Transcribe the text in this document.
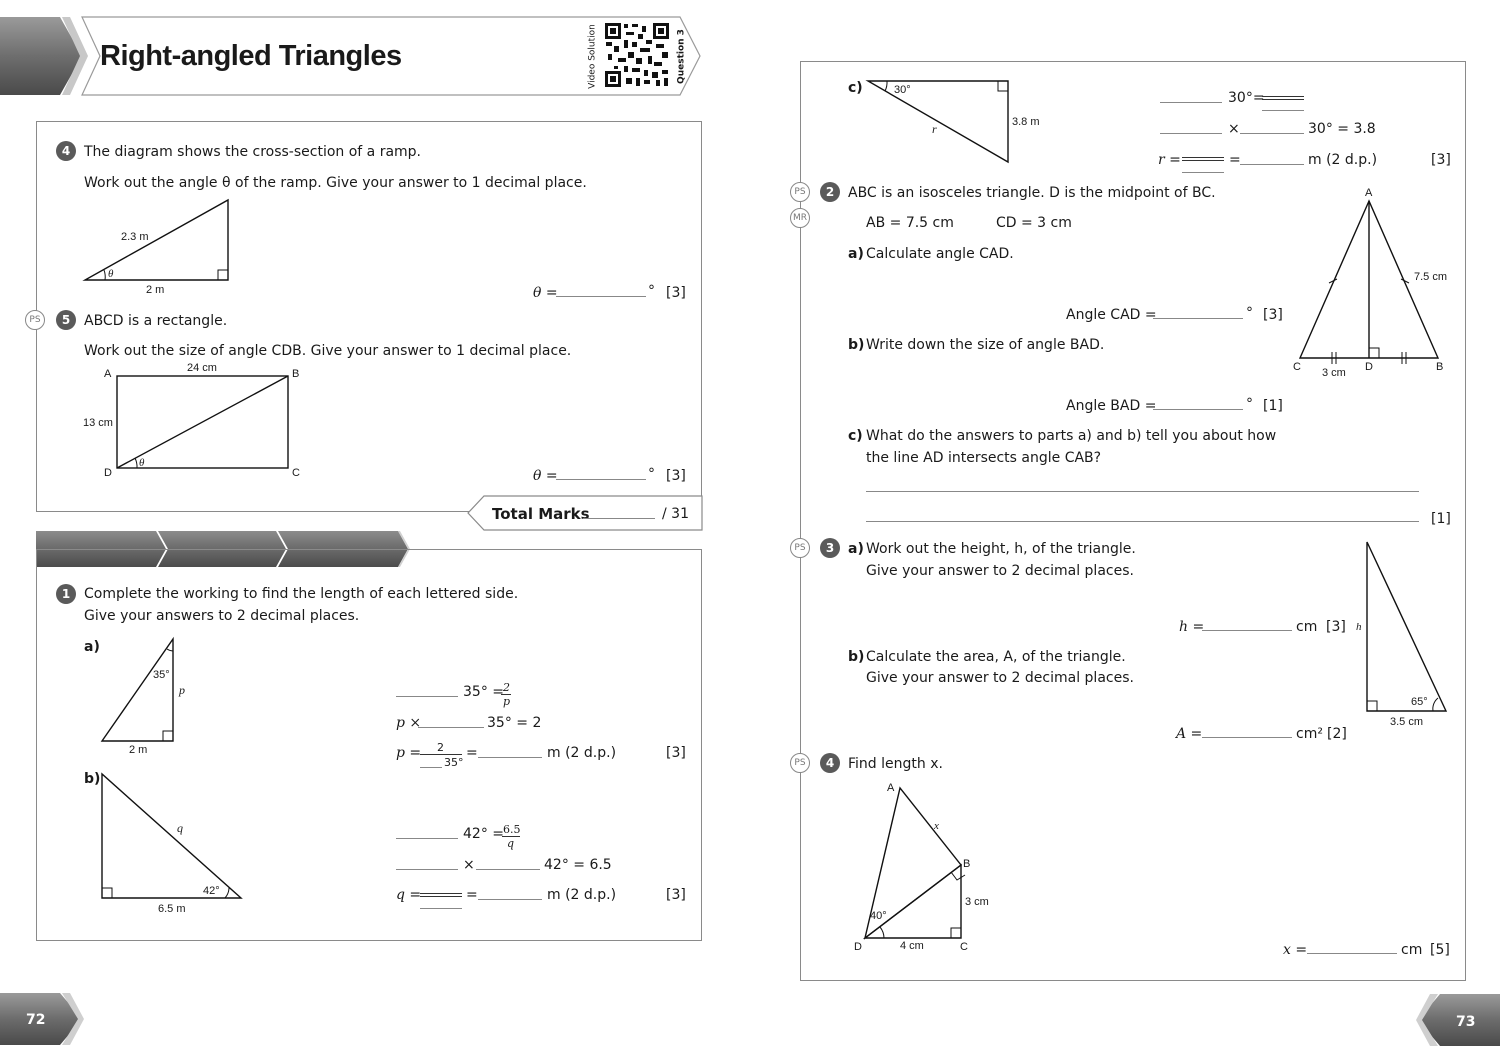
Right-angled Triangles	Video Solution	Question 3
4 The diagram shows the cross-section of a ramp.
Work out the angle θ of the ramp. Give your answer to 1 decimal place.
2.3 m
2 m
θ
θ =	° [3]
PS	5 ABCD is a rectangle.
Work out the size of angle CDB. Give your answer to 1 decimal place.
A	B
C
D
24 cm
13 cm
θ
θ =	° [3]
Total Marks	/ 31
1 Complete the working to find the length of each lettered side.
Give your answers to 2 decimal places.
a)
35°
p
2 m
35° = 2
p
p ×	35° = 2
p = 2
35°
=	m (2 d.p.)	[3]
b)
q
42°
6.5 m
42° = 6.5
q
×	42° = 6.5
q =	=	m (2 d.p.)	[3]
c)	30°
3.8 m
r
30°=
×	30° = 3.8
r =	=	m (2 d.p.)	[3]
PS
MR
2 ABC is an isosceles triangle. D is the midpoint of BC.
AB = 7.5 cm	CD = 3 cm
a) Calculate angle CAD.
Angle CAD =	° [3]
b) Write down the size of angle BAD.
Angle BAD =	° [1]
c) What do the answers to parts a) and b) tell you about how
the line AD intersects angle CAB?
[1]
A
B
C	D
7.5 cm
3 cm
PS	3 a) Work out the height, h, of the triangle.
Give your answer to 2 decimal places.
h =	cm [3]
b) Calculate the area, A, of the triangle.
Give your answer to 2 decimal places.
A =	cm² [2]
h
65°
3.5 cm
PS	4 Find length x.
A
B
C
D
x
3 cm
4 cm
40°
x =	cm [5]
72	73
